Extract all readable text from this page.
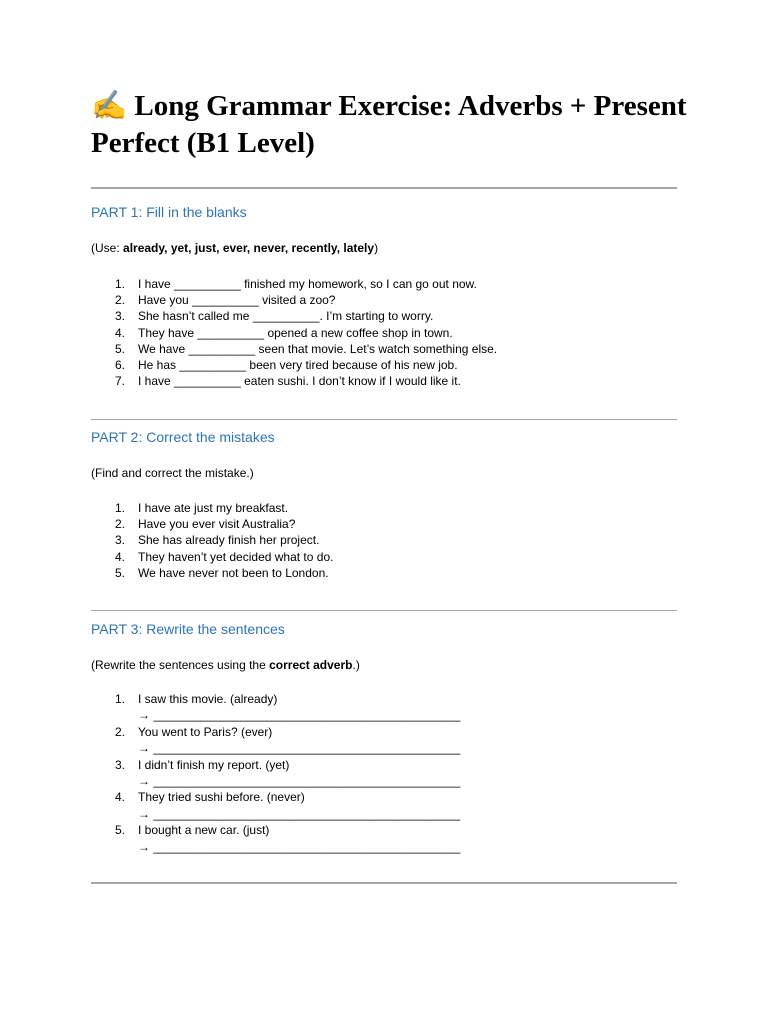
✍ Long Grammar Exercise: Adverbs + Present Perfect (B1 Level)
PART 1: Fill in the blanks

(Use: already, yet, just, ever, never, recently, lately)

1.	I have __________ finished my homework, so I can go out now.
2.	Have you __________ visited a zoo?
3.	She hasn’t called me __________. I’m starting to worry.
4.	They have __________ opened a new coffee shop in town.
5.	We have __________ seen that movie. Let’s watch something else.
6.	He has __________ been very tired because of his new job.
7.	I have __________ eaten sushi. I don’t know if I would like it.
PART 2: Correct the mistakes

(Find and correct the mistake.)

1.	I have ate just my breakfast.
2.	Have you ever visit Australia?
3.	She has already finish her project.
4.	They haven’t yet decided what to do.
5.	We have never not been to London.
PART 3: Rewrite the sentences

(Rewrite the sentences using the correct adverb.)

1.	I saw this movie. (already)
→ ______________________________________________
2.	You went to Paris? (ever)
→ ______________________________________________
3.	I didn’t finish my report. (yet)
→ ______________________________________________
4.	They tried sushi before. (never)
→ ______________________________________________
5.	I bought a new car. (just)
→ ______________________________________________
